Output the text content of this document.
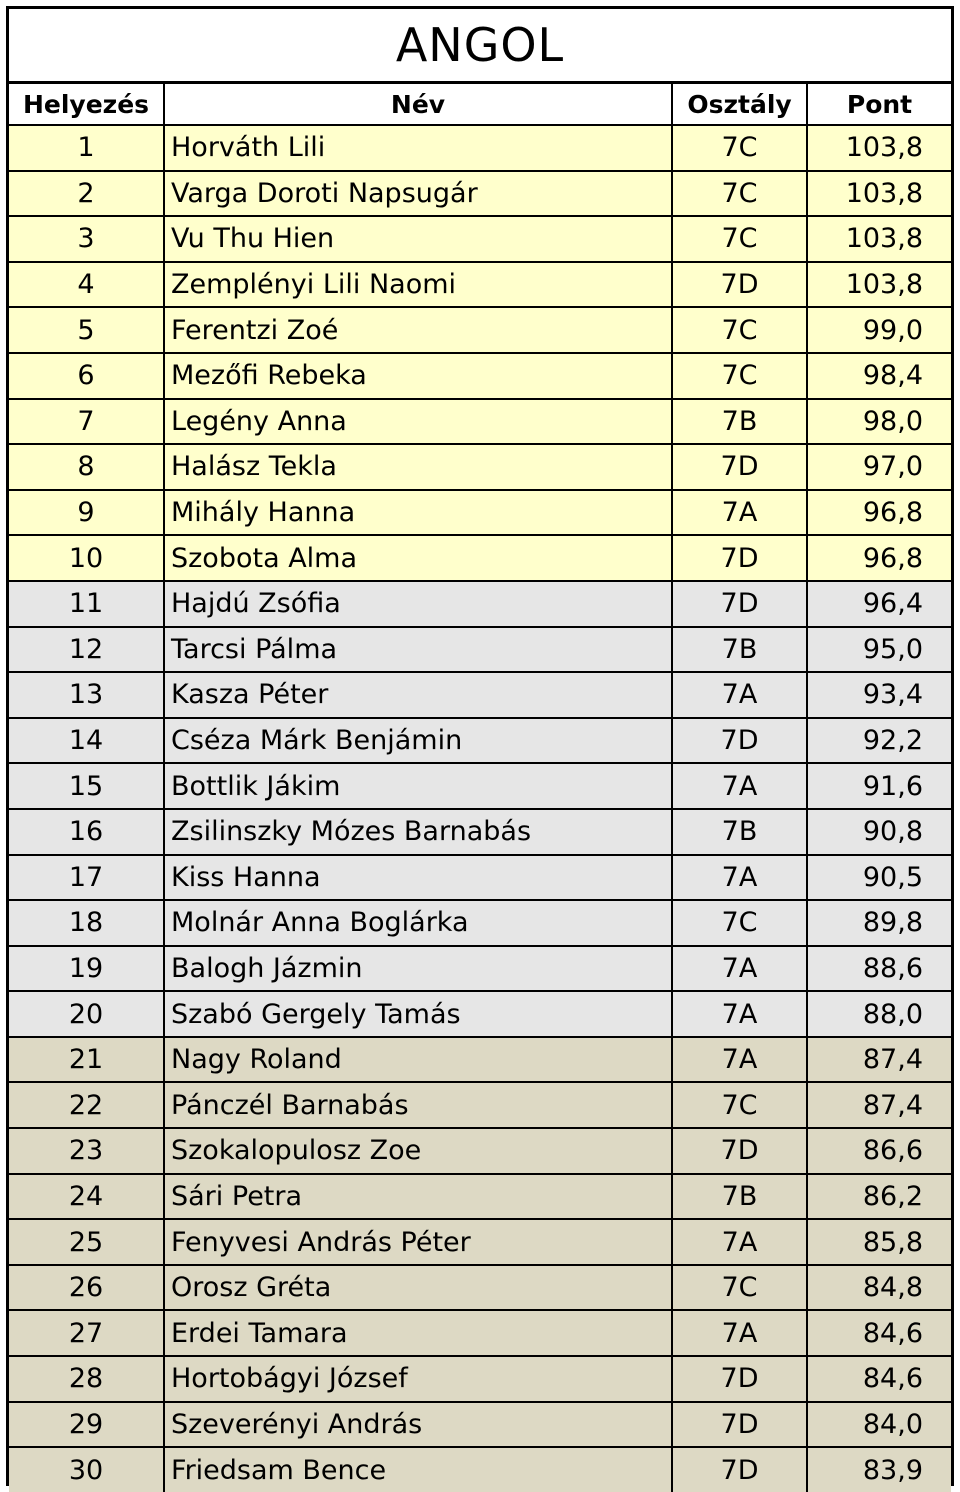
ANGOL
Helyezés	Név	Osztály	Pont
1	Horváth Lili	7C	103,8
2	Varga Doroti Napsugár	7C	103,8
3	Vu Thu Hien	7C	103,8
4	Zemplényi Lili Naomi	7D	103,8
5	Ferentzi Zoé	7C	99,0
6	Mezőfi Rebeka	7C	98,4
7	Legény Anna	7B	98,0
8	Halász Tekla	7D	97,0
9	Mihály Hanna	7A	96,8
10	Szobota Alma	7D	96,8
11	Hajdú Zsófia	7D	96,4
12	Tarcsi Pálma	7B	95,0
13	Kasza Péter	7A	93,4
14	Cséza Márk Benjámin	7D	92,2
15	Bottlik Jákim	7A	91,6
16	Zsilinszky Mózes Barnabás	7B	90,8
17	Kiss Hanna	7A	90,5
18	Molnár Anna Boglárka	7C	89,8
19	Balogh Jázmin	7A	88,6
20	Szabó Gergely Tamás	7A	88,0
21	Nagy Roland	7A	87,4
22	Pánczél Barnabás	7C	87,4
23	Szokalopulosz Zoe	7D	86,6
24	Sári Petra	7B	86,2
25	Fenyvesi András Péter	7A	85,8
26	Orosz Gréta	7C	84,8
27	Erdei Tamara	7A	84,6
28	Hortobágyi József	7D	84,6
29	Szeverényi András	7D	84,0
30	Friedsam Bence	7D	83,9
